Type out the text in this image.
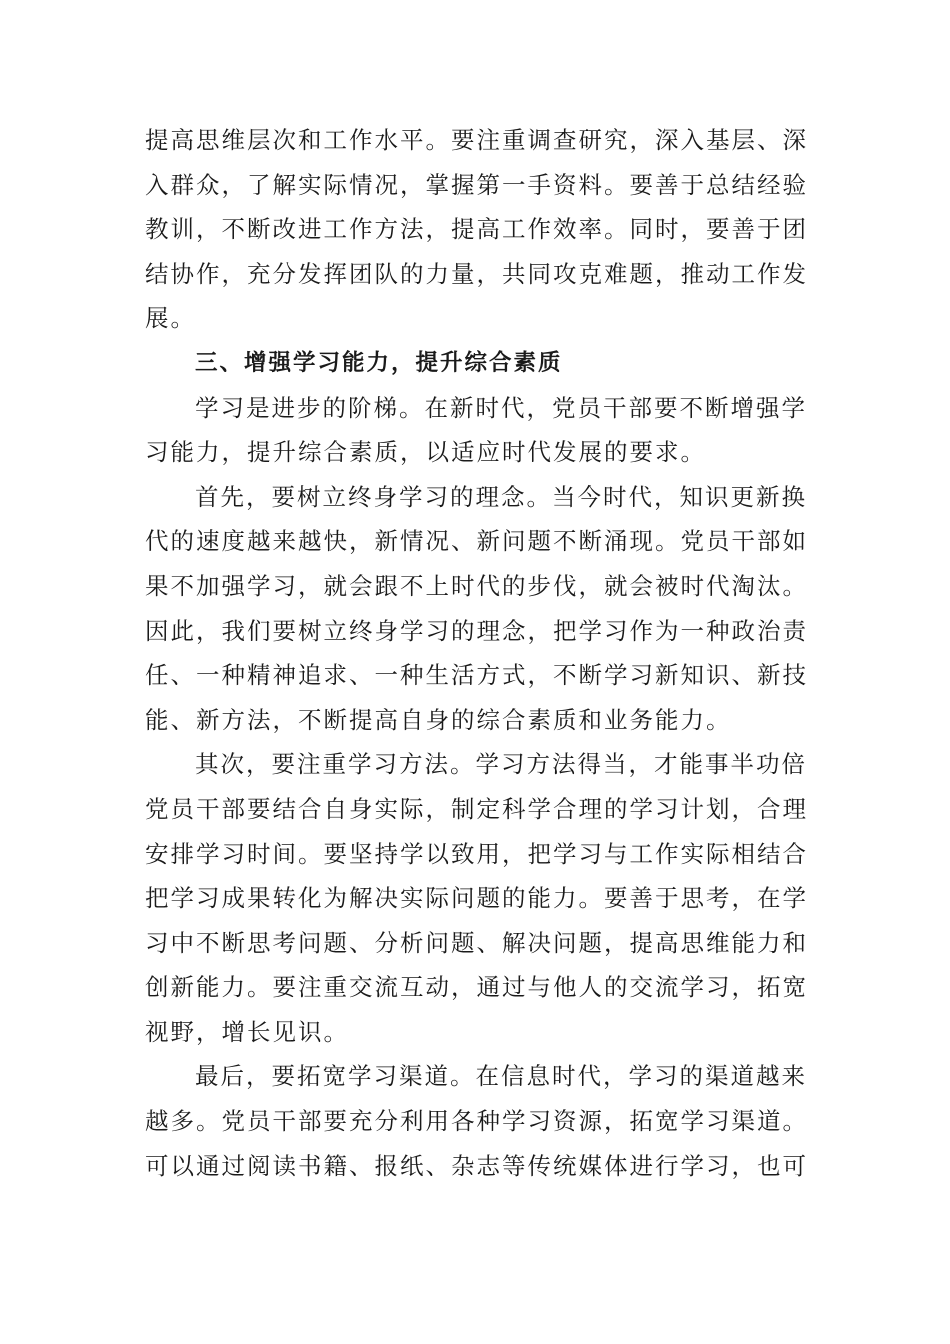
提高思维层次和工作水平。要注重调查研究，深入基层、深
入群众，了解实际情况，掌握第一手资料。要善于总结经验
教训，不断改进工作方法，提高工作效率。同时，要善于团
结协作，充分发挥团队的力量，共同攻克难题，推动工作发
展。
三、增强学习能力，提升综合素质
学习是进步的阶梯。在新时代，党员干部要不断增强学
习能力，提升综合素质，以适应时代发展的要求。
首先，要树立终身学习的理念。当今时代，知识更新换
代的速度越来越快，新情况、新问题不断涌现。党员干部如
果不加强学习，就会跟不上时代的步伐，就会被时代淘汰。
因此，我们要树立终身学习的理念，把学习作为一种政治责
任、一种精神追求、一种生活方式，不断学习新知识、新技
能、新方法，不断提高自身的综合素质和业务能力。
其次，要注重学习方法。学习方法得当，才能事半功倍
党员干部要结合自身实际，制定科学合理的学习计划，合理
安排学习时间。要坚持学以致用，把学习与工作实际相结合
把学习成果转化为解决实际问题的能力。要善于思考，在学
习中不断思考问题、分析问题、解决问题，提高思维能力和
创新能力。要注重交流互动，通过与他人的交流学习，拓宽
视野，增长见识。
最后，要拓宽学习渠道。在信息时代，学习的渠道越来
越多。党员干部要充分利用各种学习资源，拓宽学习渠道。
可以通过阅读书籍、报纸、杂志等传统媒体进行学习，也可
